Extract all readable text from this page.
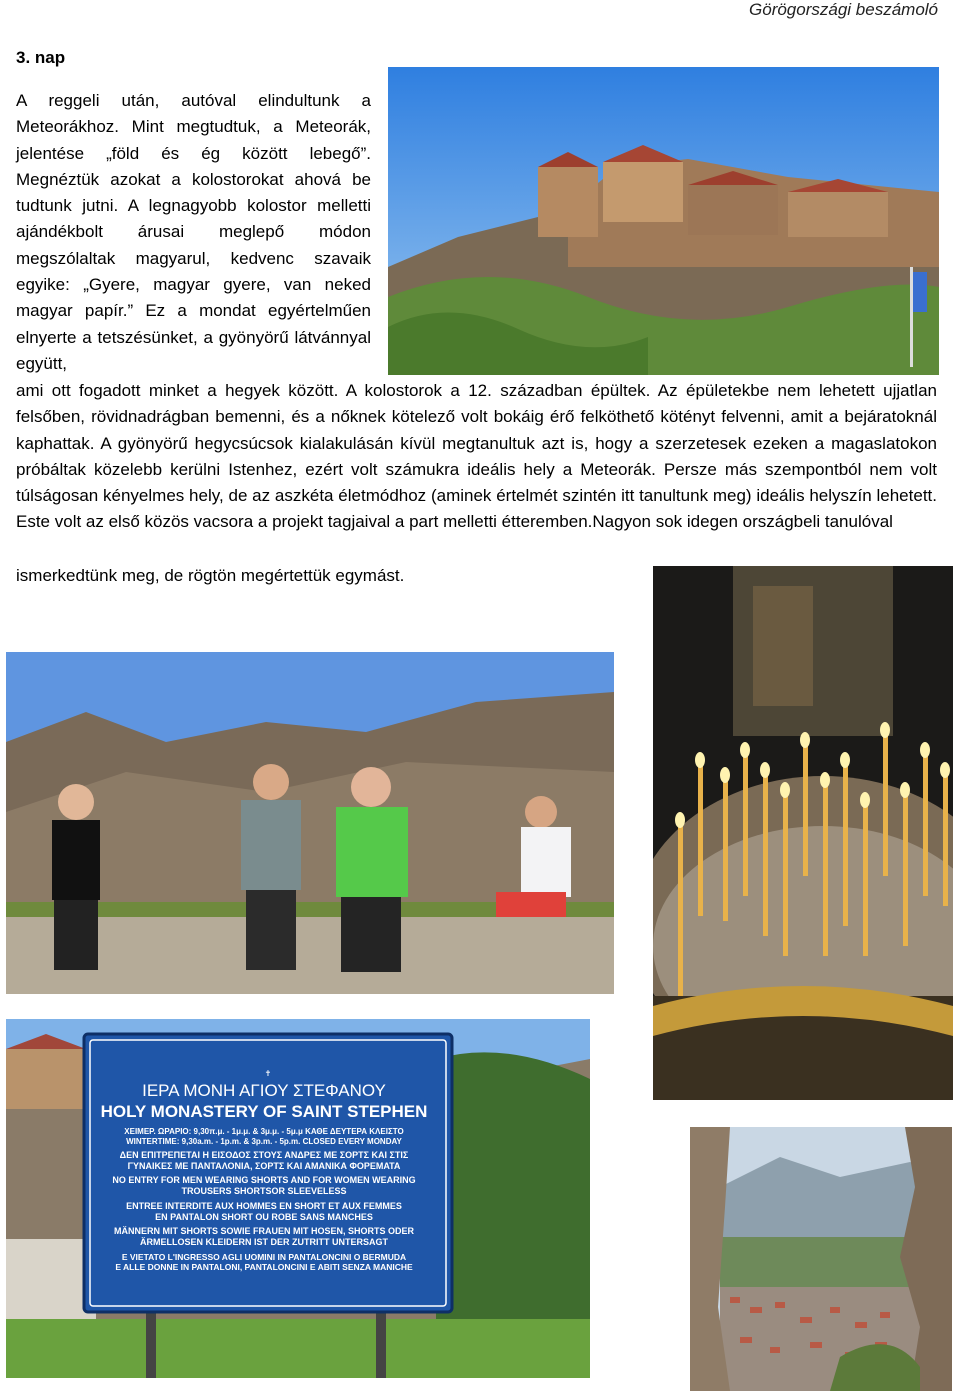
Görögországi beszámoló
3. nap

A reggeli után, autóval elindultunk a Meteorákhoz. Mint megtudtuk, a Meteorák, jelentése „föld és ég között lebegő”. Megnéztük azokat a kolostorokat ahová be tudtunk jutni. A legnagyobb kolostor melletti ajándékbolt árusai meglepő módon megszólaltak magyarul, kedvenc szavaik egyike: „Gyere, magyar gyere, van neked magyar papír.” Ez a mondat egyértelműen elnyerte a tetszésünket, a gyönyörű látvánnyal együtt,

ami ott fogadott minket a hegyek között. A kolostorok a 12. században épültek. Az épületekbe nem lehetett ujjatlan felsőben, rövidnadrágban bemenni, és a nőknek kötelező volt bokáig érő felköthető kötényt felvenni, amit a bejáratoknál kaphattak. A gyönyörű hegycsúcsok kialakulásán kívül megtanultuk azt is, hogy a szerzetesek ezeken a magaslatokon próbáltak közelebb kerülni Istenhez, ezért volt számukra ideális hely a Meteorák. Persze más szempontból nem volt túlságosan kényelmes hely, de az aszkéta életmódhoz (aminek értelmét szintén itt tanultunk meg) ideális helyszín lehetett. Este volt az első közös vacsora a projekt tagjaival a part melletti étteremben.Nagyon sok idegen országbeli tanulóval

ismerkedtünk meg, de rögtön megértettük egymást.
✝
ΙΕΡΑ ΜΟΝΗ ΑΓΙΟΥ ΣΤΕΦΑΝΟΥ
HOLY MONASTERY OF SAINT STEPHEN
ΧΕΙΜΕΡ. ΩΡΑΡΙΟ: 9,30π.μ. - 1μ.μ. & 3μ.μ. - 5μ.μ ΚΑΘΕ ΔΕΥΤΕΡΑ ΚΛΕΙΣΤΟ
WINTERTIME: 9,30a.m. - 1p.m. & 3p.m. - 5p.m. CLOSED EVERY MONDAY
ΔΕΝ ΕΠΙΤΡΕΠΕΤΑΙ Η ΕΙΣΟΔΟΣ ΣΤΟΥΣ ΑΝΔΡΕΣ ΜΕ ΣΟΡΤΣ ΚΑΙ ΣΤΙΣ
ΓΥΝΑΙΚΕΣ ΜΕ ΠΑΝΤΑΛΟΝΙΑ, ΣΟΡΤΣ ΚΑΙ ΑΜΑΝΙΚΑ ΦΟΡΕΜΑΤΑ
NO ENTRY FOR MEN WEARING SHORTS AND FOR WOMEN WEARING
TROUSERS SHORTSOR SLEEVELESS
ENTREE INTERDITE AUX HOMMES EN SHORT ET AUX FEMMES
EN PANTALON SHORT OU ROBE SANS MANCHES
MÄNNERN MIT SHORTS SOWIE FRAUEN MIT HOSEN, SHORTS ODER
ÄRMELLOSEN KLEIDERN IST DER ZUTRITT UNTERSAGT
E VIETATO L'INGRESSO AGLI UOMINI IN PANTALONCINI O BERMUDA
E ALLE DONNE IN PANTALONI, PANTALONCINI E ABITI SENZA MANICHE
